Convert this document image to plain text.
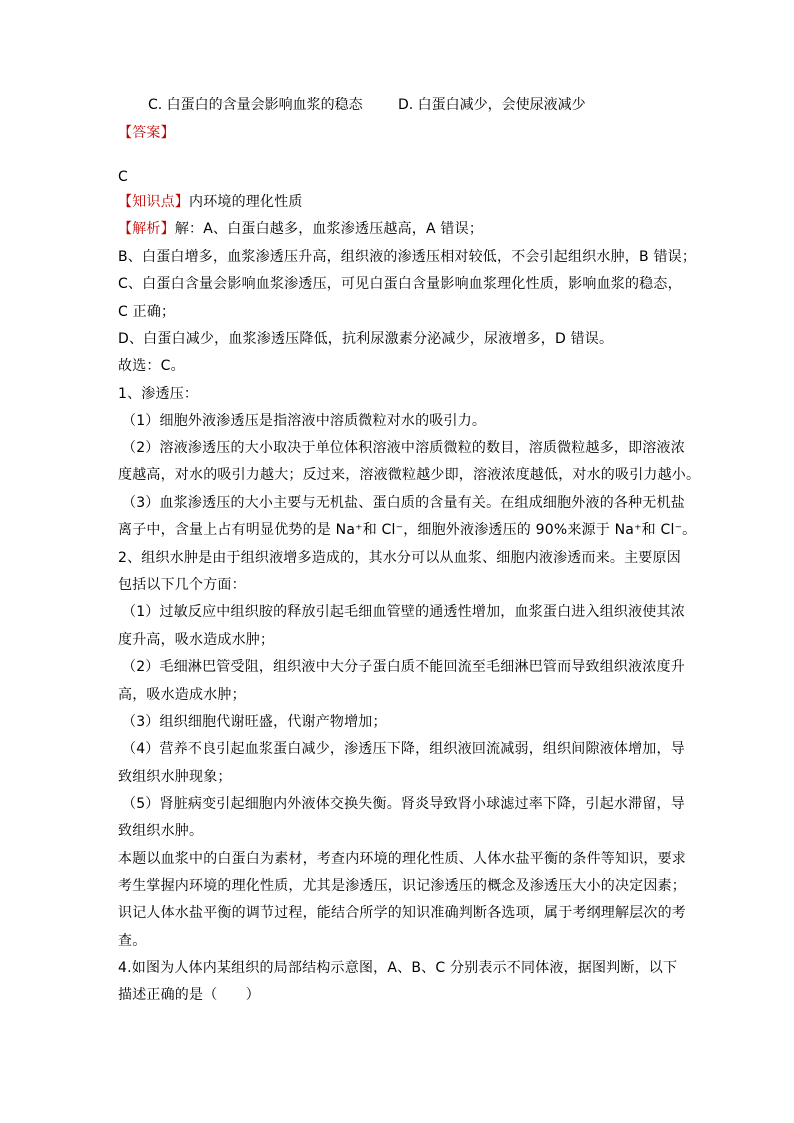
C. 白蛋白的含量会影响血浆的稳态	D. 白蛋白减少，会使尿液减少
【答案】
C
【知识点】内环境的理化性质
【解析】解：A、白蛋白越多，血浆渗透压越高，A 错误；
B、白蛋白增多，血浆渗透压升高，组织液的渗透压相对较低，不会引起组织水肿，B 错误；
C、白蛋白含量会影响血浆渗透压，可见白蛋白含量影响血浆理化性质，影响血浆的稳态，
C 正确；
D、白蛋白减少，血浆渗透压降低，抗利尿激素分泌减少，尿液增多，D 错误。
故选：C。
1、渗透压：
（1）细胞外液渗透压是指溶液中溶质微粒对水的吸引力。
（2）溶液渗透压的大小取决于单位体积溶液中溶质微粒的数目，溶质微粒越多，即溶液浓
度越高，对水的吸引力越大；反过来，溶液微粒越少即，溶液浓度越低，对水的吸引力越小。
（3）血浆渗透压的大小主要与无机盐、蛋白质的含量有关。在组成细胞外液的各种无机盐
离子中，含量上占有明显优势的是 Na⁺和 Cl⁻，细胞外液渗透压的 90%来源于 Na⁺和 Cl⁻。
2、组织水肿是由于组织液增多造成的，其水分可以从血浆、细胞内液渗透而来。主要原因
包括以下几个方面：
（1）过敏反应中组织胺的释放引起毛细血管壁的通透性增加，血浆蛋白进入组织液使其浓
度升高，吸水造成水肿；
（2）毛细淋巴管受阻，组织液中大分子蛋白质不能回流至毛细淋巴管而导致组织液浓度升
高，吸水造成水肿；
（3）组织细胞代谢旺盛，代谢产物增加；
（4）营养不良引起血浆蛋白减少，渗透压下降，组织液回流减弱，组织间隙液体增加，导
致组织水肿现象；
（5）肾脏病变引起细胞内外液体交换失衡。肾炎导致肾小球滤过率下降，引起水滞留，导
致组织水肿。
本题以血浆中的白蛋白为素材，考查内环境的理化性质、人体水盐平衡的条件等知识，要求
考生掌握内环境的理化性质，尤其是渗透压，识记渗透压的概念及渗透压大小的决定因素；
识记人体水盐平衡的调节过程，能结合所学的知识准确判断各选项，属于考纲理解层次的考
查。
4.如图为人体内某组织的局部结构示意图，A、B、C 分别表示不同体液，据图判断，以下
描述正确的是（　　）
